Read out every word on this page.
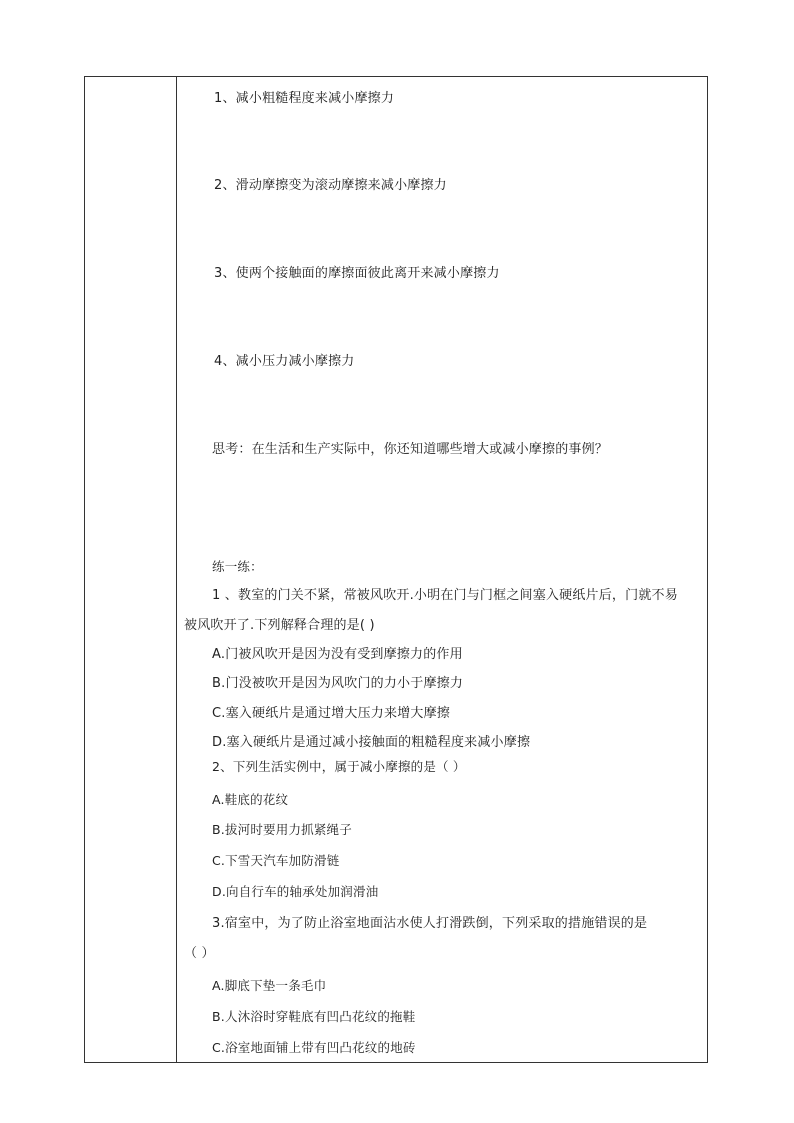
1、减小粗糙程度来减小摩擦力
2、滑动摩擦变为滚动摩擦来减小摩擦力
3、使两个接触面的摩擦面彼此离开来减小摩擦力
4、减小压力减小摩擦力
思考：在生活和生产实际中，你还知道哪些增大或减小摩擦的事例？
练一练：
1 、教室的门关不紧，常被风吹开.小明在门与门框之间塞入硬纸片后，门就不易
被风吹开了.下列解释合理的是( )
A.门被风吹开是因为没有受到摩擦力的作用
B.门没被吹开是因为风吹门的力小于摩擦力
C.塞入硬纸片是通过增大压力来增大摩擦
D.塞入硬纸片是通过减小接触面的粗糙程度来减小摩擦
2、下列生活实例中，属于减小摩擦的是（ ）
A.鞋底的花纹
B.拔河时要用力抓紧绳子
C.下雪天汽车加防滑链
D.向自行车的轴承处加润滑油
3.宿室中，为了防止浴室地面沾水使人打滑跌倒，下列采取的措施错误的是
（ ）
A.脚底下垫一条毛巾
B.人沐浴时穿鞋底有凹凸花纹的拖鞋
C.浴室地面铺上带有凹凸花纹的地砖
